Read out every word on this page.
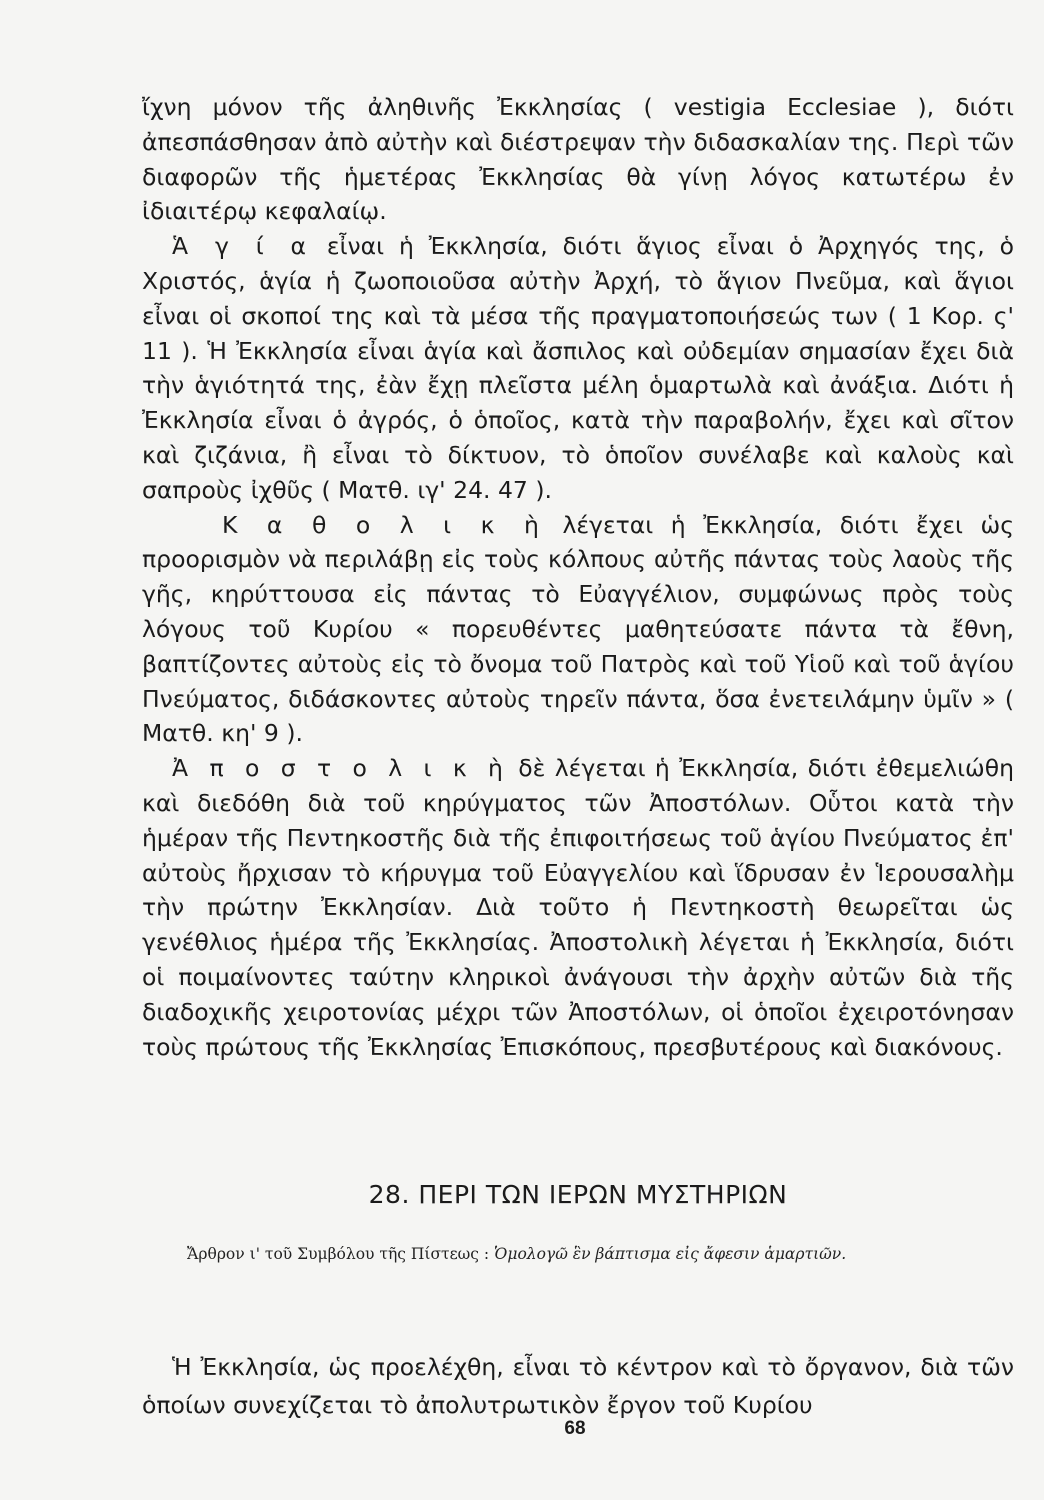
ἴχνη μόνον τῆς ἀληθινῆς Ἐκκλησίας ( vestigia Ecclesiae ), διότι ἀπεσπάσθησαν ἀπὸ αὐτὴν καὶ διέστρεψαν τὴν διδασκαλίαν της. Περὶ τῶν διαφορῶν τῆς ἡμετέρας Ἐκκλησίας θὰ γίνῃ λόγος κατωτέρω ἐν ἰδιαιτέρῳ κεφαλαίῳ.

Ἁ γ ί α εἶναι ἡ Ἐκκλησία, διότι ἅγιος εἶναι ὁ Ἀρχηγός της, ὁ Χριστός, ἁγία ἡ ζωοποιοῦσα αὐτὴν Ἀρχή, τὸ ἅγιον Πνεῦμα, καὶ ἅγιοι εἶναι οἱ σκοποί της καὶ τὰ μέσα τῆς πραγματοποιήσεώς των ( 1 Κορ. ς' 11 ). Ἡ Ἐκκλησία εἶναι ἁγία καὶ ἄσπιλος καὶ οὐδεμίαν σημασίαν ἔχει διὰ τὴν ἁγιότητά της, ἐὰν ἔχῃ πλεῖστα μέλη ὁμαρτωλὰ καὶ ἀνάξια. Διότι ἡ Ἐκκλησία εἶναι ὁ ἀγρός, ὁ ὁποῖος, κατὰ τὴν παραβολήν, ἔχει καὶ σῖτον καὶ ζιζάνια, ἢ εἶναι τὸ δίκτυον, τὸ ὁποῖον συνέλαβε καὶ καλοὺς καὶ σαπροὺς ἰχθῦς ( Ματθ. ιγ' 24. 47 ).

Κ α θ ο λ ι κ ὴ λέγεται ἡ Ἐκκλησία, διότι ἔχει ὡς προορισμὸν νὰ περιλάβῃ εἰς τοὺς κόλπους αὐτῆς πάντας τοὺς λαοὺς τῆς γῆς, κηρύττουσα εἰς πάντας τὸ Εὐαγγέλιον, συμφώνως πρὸς τοὺς λόγους τοῦ Κυρίου « πορευθέντες μαθητεύσατε πάντα τὰ ἔθνη, βαπτίζοντες αὐτοὺς εἰς τὸ ὄνομα τοῦ Πατρὸς καὶ τοῦ Υἱοῦ καὶ τοῦ ἁγίου Πνεύματος, διδάσκοντες αὐτοὺς τηρεῖν πάντα, ὅσα ἐνετειλάμην ὑμῖν » ( Ματθ. κη' 9 ).

Ἀ π ο σ τ ο λ ι κ ὴ δὲ λέγεται ἡ Ἐκκλησία, διότι ἐθεμελιώθη καὶ διεδόθη διὰ τοῦ κηρύγματος τῶν Ἀποστόλων. Οὗτοι κατὰ τὴν ἡμέραν τῆς Πεντηκοστῆς διὰ τῆς ἐπιφοιτήσεως τοῦ ἁγίου Πνεύματος ἐπ' αὐτοὺς ἤρχισαν τὸ κήρυγμα τοῦ Εὐαγγελίου καὶ ἵδρυσαν ἐν Ἱερουσαλὴμ τὴν πρώτην Ἐκκλησίαν. Διὰ τοῦτο ἡ Πεντηκοστὴ θεωρεῖται ὡς γενέθλιος ἡμέρα τῆς Ἐκκλησίας. Ἀποστολικὴ λέγεται ἡ Ἐκκλησία, διότι οἱ ποιμαίνοντες ταύτην κληρικοὶ ἀνάγουσι τὴν ἀρχὴν αὐτῶν διὰ τῆς διαδοχικῆς χειροτονίας μέχρι τῶν Ἀποστόλων, οἱ ὁποῖοι ἐχειροτόνησαν τοὺς πρώτους τῆς Ἐκκλησίας Ἐπισκόπους, πρεσβυτέρους καὶ διακόνους.

28. ΠΕΡΙ ΤΩΝ ΙΕΡΩΝ ΜΥΣΤΗΡΙΩΝ
Ἄρθρον ι' τοῦ Συμβόλου τῆς Πίστεως : Ὁμολογῶ ἓν βάπτισμα εἰς ἄφεσιν ἁμαρτιῶν.

Ἡ Ἐκκλησία, ὡς προελέχθη, εἶναι τὸ κέντρον καὶ τὸ ὄργανον, διὰ τῶν ὁποίων συνεχίζεται τὸ ἀπολυτρωτικὸν ἔργον τοῦ Κυρίου

68
